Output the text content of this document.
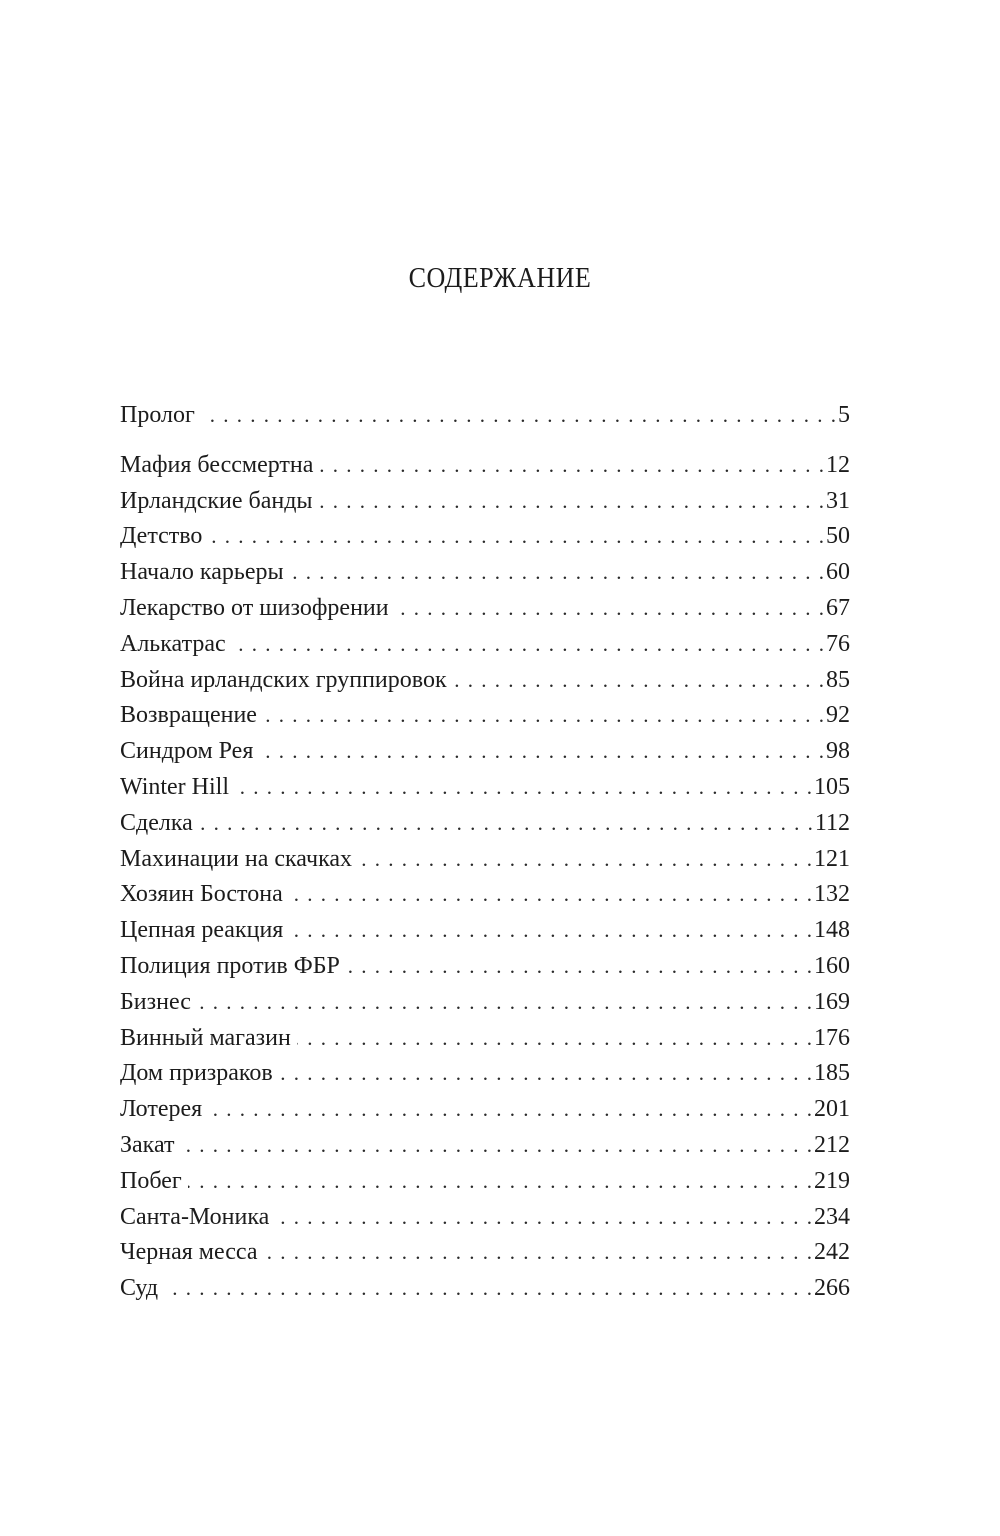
СОДЕРЖАНИЕ
Пролог . . .	5
Мафия бессмертна . . .	12
Ирландские банды . . .	31
Детство . . .	50
Начало карьеры . . .	60
Лекарство от шизофрении . . .	67
Алькатрас . . .	76
Война ирландских группировок . . .	85
Возвращение . . .	92
Синдром Рея . . .	98
Winter Hill . . .	105
Сделка . . .	112
Махинации на скачках . . .	121
Хозяин Бостона . . .	132
Цепная реакция . . .	148
Полиция против ФБР . . .	160
Бизнес . . .	169
Винный магазин . . .	176
Дом призраков . . .	185
Лотерея . . .	201
Закат . . .	212
Побег . . .	219
Санта-Моника . . .	234
Черная месса . . .	242
Суд . . .	266
